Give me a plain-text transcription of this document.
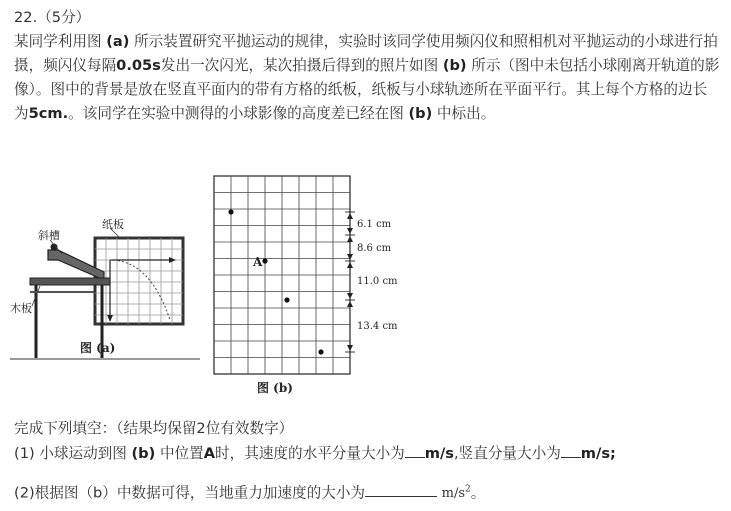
22.（5分）

某同学利用图 (a) 所示装置研究平抛运动的规律，实验时该同学使用频闪仪和照相机对平抛运动的小球进行拍摄，频闪仪每隔0.05s发出一次闪光，某次拍摄后得到的照片如图 (b) 所示（图中未包括小球刚离开轨道的影像）。图中的背景是放在竖直平面内的带有方格的纸板，纸板与小球轨迹所在平面平行。其上每个方格的边长为5cm.。该同学在实验中测得的小球影像的高度差已经在图 (b) 中标出。

纸板
斜槽
木板
图 (a)
A
6.1 cm
8.6 cm
11.0 cm
13.4 cm
图 (b)
完成下列填空：（结果均保留2位有效数字）
(1) 小球运动到图 (b) 中位置A时，其速度的水平分量大小为 m/s,竖直分量大小为 m/s;
(2)根据图（b）中数据可得，当地重力加速度的大小为	$m/s^2$。
